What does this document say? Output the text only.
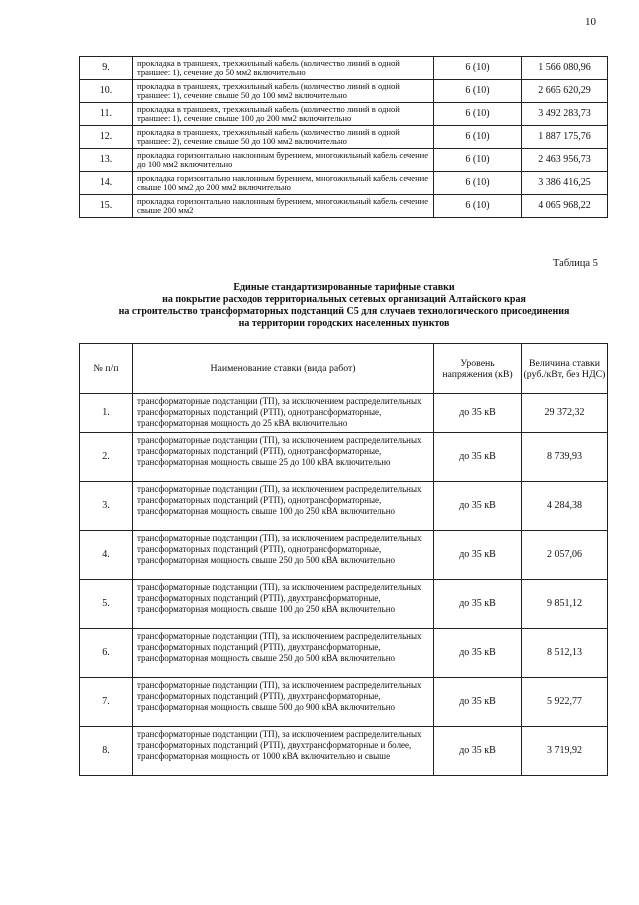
10
9.	прокладка в траншеях, трехжильный кабель (количество линий в одной траншее: 1), сечение до 50 мм2 включительно	6 (10)	1 566 080,96
10.	прокладка в траншеях, трехжильный кабель (количество линий в одной траншее: 1), сечение свыше 50 до 100 мм2 включительно	6 (10)	2 665 620,29
11.	прокладка в траншеях, трехжильный кабель (количество линий в одной траншее: 1), сечение свыше 100 до 200 мм2 включительно	6 (10)	3 492 283,73
12.	прокладка в траншеях, трехжильный кабель (количество линий в одной траншее: 2), сечение свыше 50 до 100 мм2 включительно	6 (10)	1 887 175,76
13.	прокладка горизонтально наклонным бурением, многожильный кабель сечение до 100 мм2 включительно	6 (10)	2 463 956,73
14.	прокладка горизонтально наклонным бурением, многожильный кабель сечение свыше 100 мм2 до 200 мм2 включительно	6 (10)	3 386 416,25
15.	прокладка горизонтально наклонным бурением, многожильный кабель сечение свыше 200 мм2	6 (10)	4 065 968,22
Таблица 5
Единые стандартизированные тарифные ставки
на покрытие расходов территориальных сетевых организаций Алтайского края
на строительство трансформаторных подстанций С5 для случаев технологического присоединения
на территории городских населенных пунктов
№ п/п	Наименование ставки (вида работ)	Уровень напряжения (кВ)	Величина ставки (руб./кВт, без НДС)
1.	трансформаторные подстанции (ТП), за исключением распределительных трансформаторных подстанций (РТП), однотрансформаторные, трансформаторная мощность до 25 кВА включительно	до 35 кВ	29 372,32
2.	трансформаторные подстанции (ТП), за исключением распределительных трансформаторных подстанций (РТП), однотрансформаторные, трансформаторная мощность свыше 25 до 100 кВА включительно	до 35 кВ	8 739,93
3.	трансформаторные подстанции (ТП), за исключением распределительных трансформаторных подстанций (РТП), однотрансформаторные, трансформаторная мощность свыше 100 до 250 кВА включительно	до 35 кВ	4 284,38
4.	трансформаторные подстанции (ТП), за исключением распределительных трансформаторных подстанций (РТП), однотрансформаторные, трансформаторная мощность свыше 250 до 500 кВА включительно	до 35 кВ	2 057,06
5.	трансформаторные подстанции (ТП), за исключением распределительных трансформаторных подстанций (РТП), двухтрансформаторные, трансформаторная мощность свыше 100 до 250 кВА включительно	до 35 кВ	9 851,12
6.	трансформаторные подстанции (ТП), за исключением распределительных трансформаторных подстанций (РТП), двухтрансформаторные, трансформаторная мощность свыше 250 до 500 кВА включительно	до 35 кВ	8 512,13
7.	трансформаторные подстанции (ТП), за исключением распределительных трансформаторных подстанций (РТП), двухтрансформаторные, трансформаторная мощность свыше 500 до 900 кВА включительно	до 35 кВ	5 922,77
8.	трансформаторные подстанции (ТП), за исключением распределительных трансформаторных подстанций (РТП), двухтрансформаторные и более, трансформаторная мощность от 1000 кВА включительно и свыше	до 35 кВ	3 719,92
